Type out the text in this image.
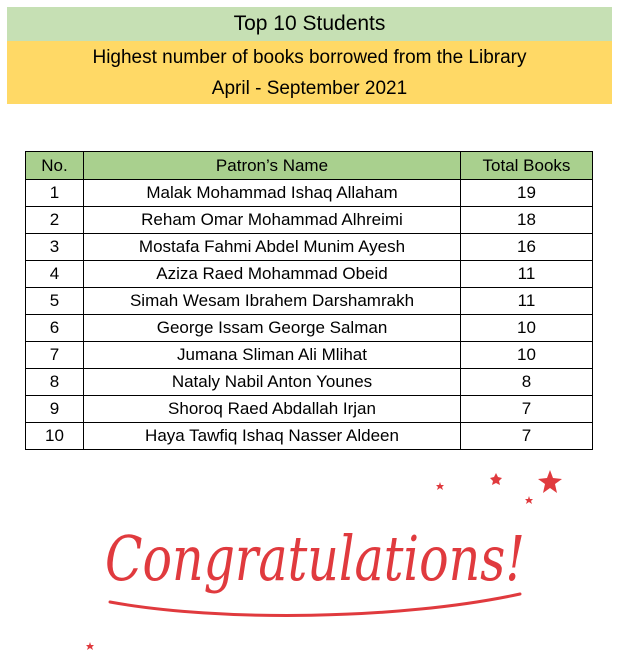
Top 10 Students
Highest number of books borrowed from the Library
April - September 2021
No.	Patron’s Name	Total Books
1	Malak Mohammad Ishaq Allaham	19
2	Reham Omar Mohammad Alhreimi	18
3	Mostafa Fahmi Abdel Munim Ayesh	16
4	Aziza Raed Mohammad Obeid	11
5	Simah Wesam Ibrahem Darshamrakh	11
6	George Issam George Salman	10
7	Jumana Sliman Ali Mlihat	10
8	Nataly Nabil Anton Younes	8
9	Shoroq Raed Abdallah Irjan	7
10	Haya Tawfiq Ishaq Nasser Aldeen	7
Congratulations!
